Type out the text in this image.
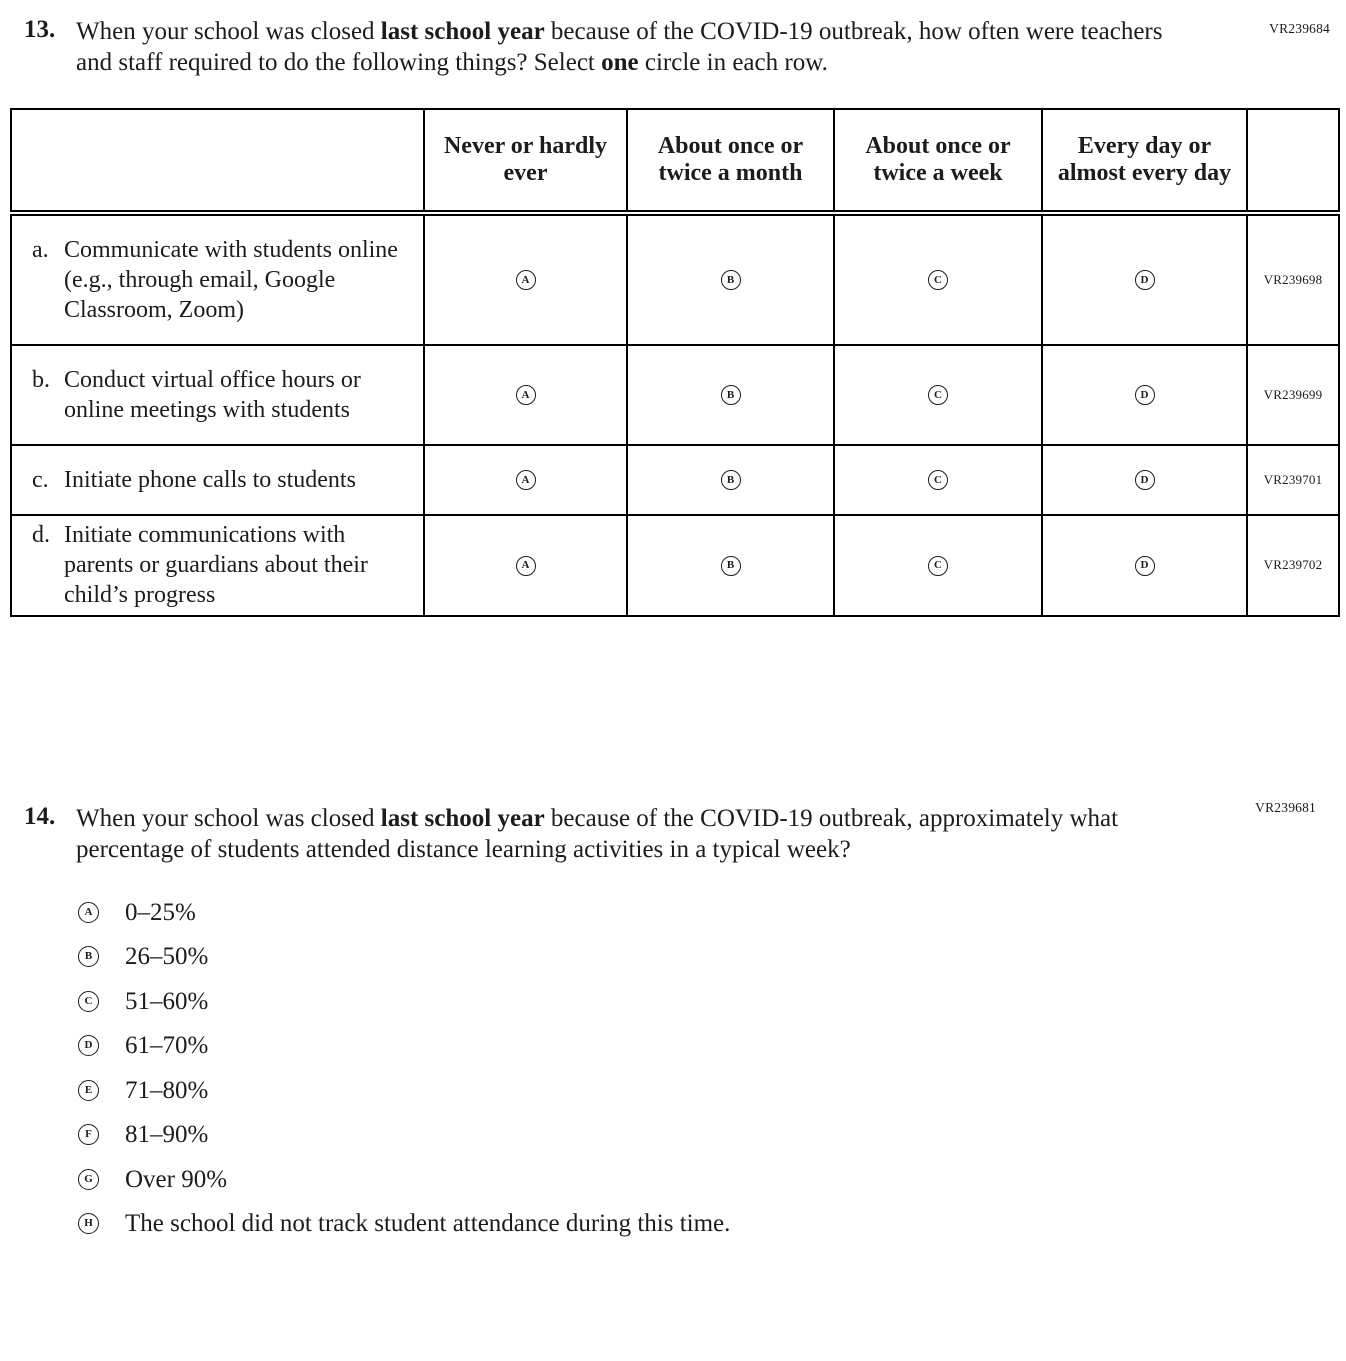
VR239684
13. When your school was closed last school year because of the COVID-19 outbreak, how often were teachers and staff required to do the following things? Select one circle in each row.
	Never or hardly ever	About once or twice a month	About once or twice a week	Every day or almost every day	

a. Communicate with students online (e.g., through email, Google Classroom, Zoom)	A	B	C	D	VR239698

b. Conduct virtual office hours or online meetings with students	A	B	C	D	VR239699

c. Initiate phone calls to students	A	B	C	D	VR239701

d. Initiate communications with parents or guardians about their child’s progress	A	B	C	D	VR239702
VR239681
14. When your school was closed last school year because of the COVID-19 outbreak, approximately what percentage of students attended distance learning activities in a typical week?
A 0–25%
B 26–50%
C 51–60%
D 61–70%
E 71–80%
F 81–90%
G Over 90%
H The school did not track student attendance during this time.
